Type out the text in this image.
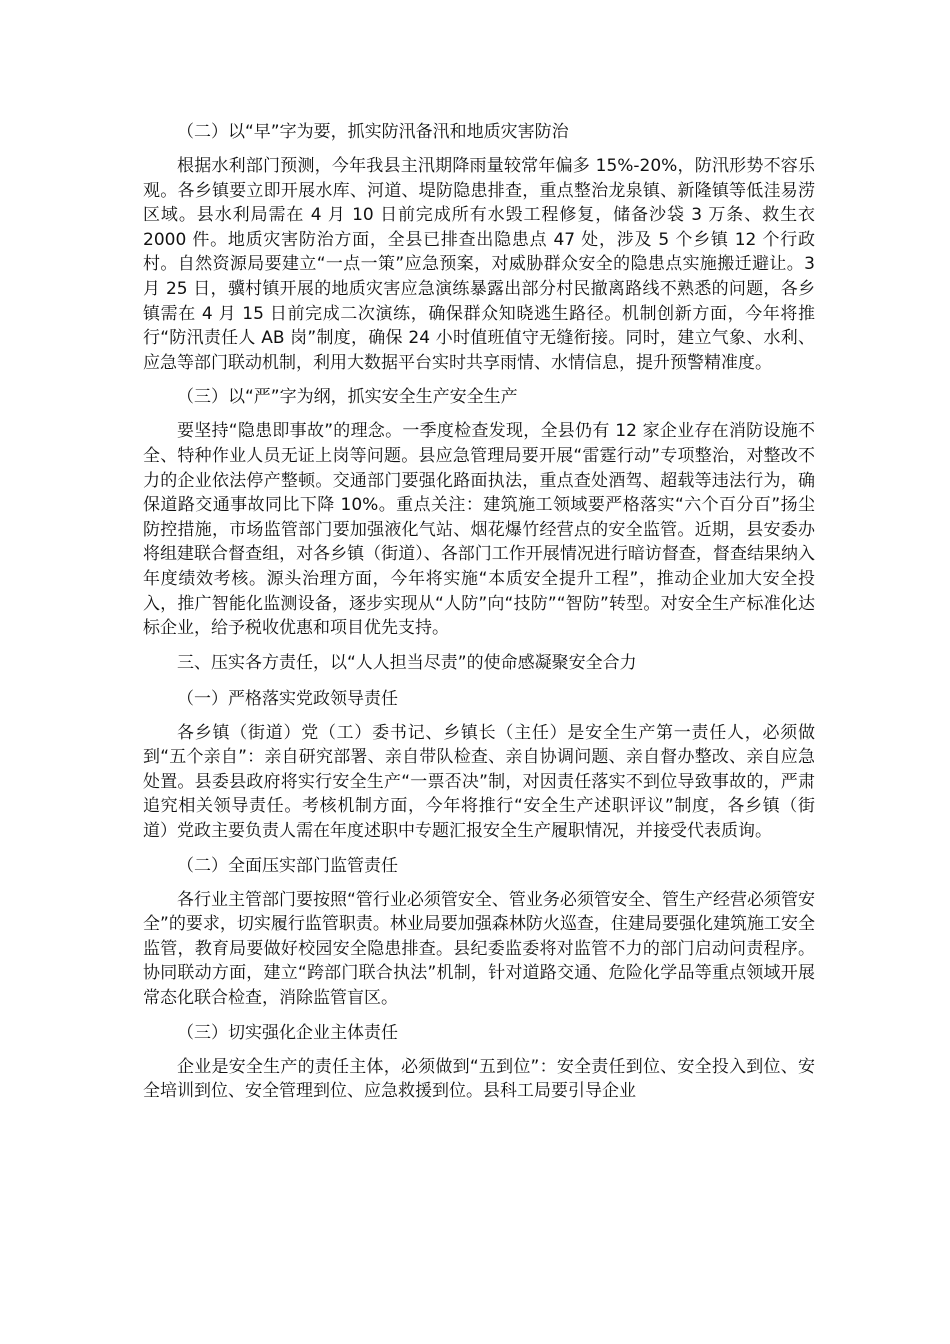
（二）以“早”字为要，抓实防汛备汛和地质灾害防治

根据水利部门预测，今年我县主汛期降雨量较常年偏多 15%-20%，防汛形势不容乐观。各乡镇要立即开展水库、河道、堤防隐患排查，重点整治龙泉镇、新隆镇等低洼易涝区域。县水利局需在 4 月 10 日前完成所有水毁工程修复，储备沙袋 3 万条、救生衣 2000 件。地质灾害防治方面，全县已排查出隐患点 47 处，涉及 5 个乡镇 12 个行政村。自然资源局要建立“一点一策”应急预案，对威胁群众安全的隐患点实施搬迁避让。3 月 25 日，骥村镇开展的地质灾害应急演练暴露出部分村民撤离路线不熟悉的问题，各乡镇需在 4 月 15 日前完成二次演练，确保群众知晓逃生路径。机制创新方面，今年将推行“防汛责任人 AB 岗”制度，确保 24 小时值班值守无缝衔接。同时，建立气象、水利、应急等部门联动机制，利用大数据平台实时共享雨情、水情信息，提升预警精准度。

（三）以“严”字为纲，抓实安全生产安全生产

要坚持“隐患即事故”的理念。一季度检查发现，全县仍有 12 家企业存在消防设施不全、特种作业人员无证上岗等问题。县应急管理局要开展“雷霆行动”专项整治，对整改不力的企业依法停产整顿。交通部门要强化路面执法，重点查处酒驾、超载等违法行为，确保道路交通事故同比下降 10%。重点关注：建筑施工领域要严格落实“六个百分百”扬尘防控措施，市场监管部门要加强液化气站、烟花爆竹经营点的安全监管。近期，县安委办将组建联合督查组，对各乡镇（街道）、各部门工作开展情况进行暗访督查，督查结果纳入年度绩效考核。源头治理方面，今年将实施“本质安全提升工程”，推动企业加大安全投入，推广智能化监测设备，逐步实现从“人防”向“技防”“智防”转型。对安全生产标准化达标企业，给予税收优惠和项目优先支持。

三、压实各方责任，以“人人担当尽责”的使命感凝聚安全合力
（一）严格落实党政领导责任

各乡镇（街道）党（工）委书记、乡镇长（主任）是安全生产第一责任人，必须做到“五个亲自”：亲自研究部署、亲自带队检查、亲自协调问题、亲自督办整改、亲自应急处置。县委县政府将实行安全生产“一票否决”制，对因责任落实不到位导致事故的，严肃追究相关领导责任。考核机制方面，今年将推行“安全生产述职评议”制度，各乡镇（街道）党政主要负责人需在年度述职中专题汇报安全生产履职情况，并接受代表质询。

（二）全面压实部门监管责任

各行业主管部门要按照“管行业必须管安全、管业务必须管安全、管生产经营必须管安全”的要求，切实履行监管职责。林业局要加强森林防火巡查，住建局要强化建筑施工安全监管，教育局要做好校园安全隐患排查。县纪委监委将对监管不力的部门启动问责程序。协同联动方面，建立“跨部门联合执法”机制，针对道路交通、危险化学品等重点领域开展常态化联合检查，消除监管盲区。

（三）切实强化企业主体责任

企业是安全生产的责任主体，必须做到“五到位”：安全责任到位、安全投入到位、安全培训到位、安全管理到位、应急救援到位。县科工局要引导企业
